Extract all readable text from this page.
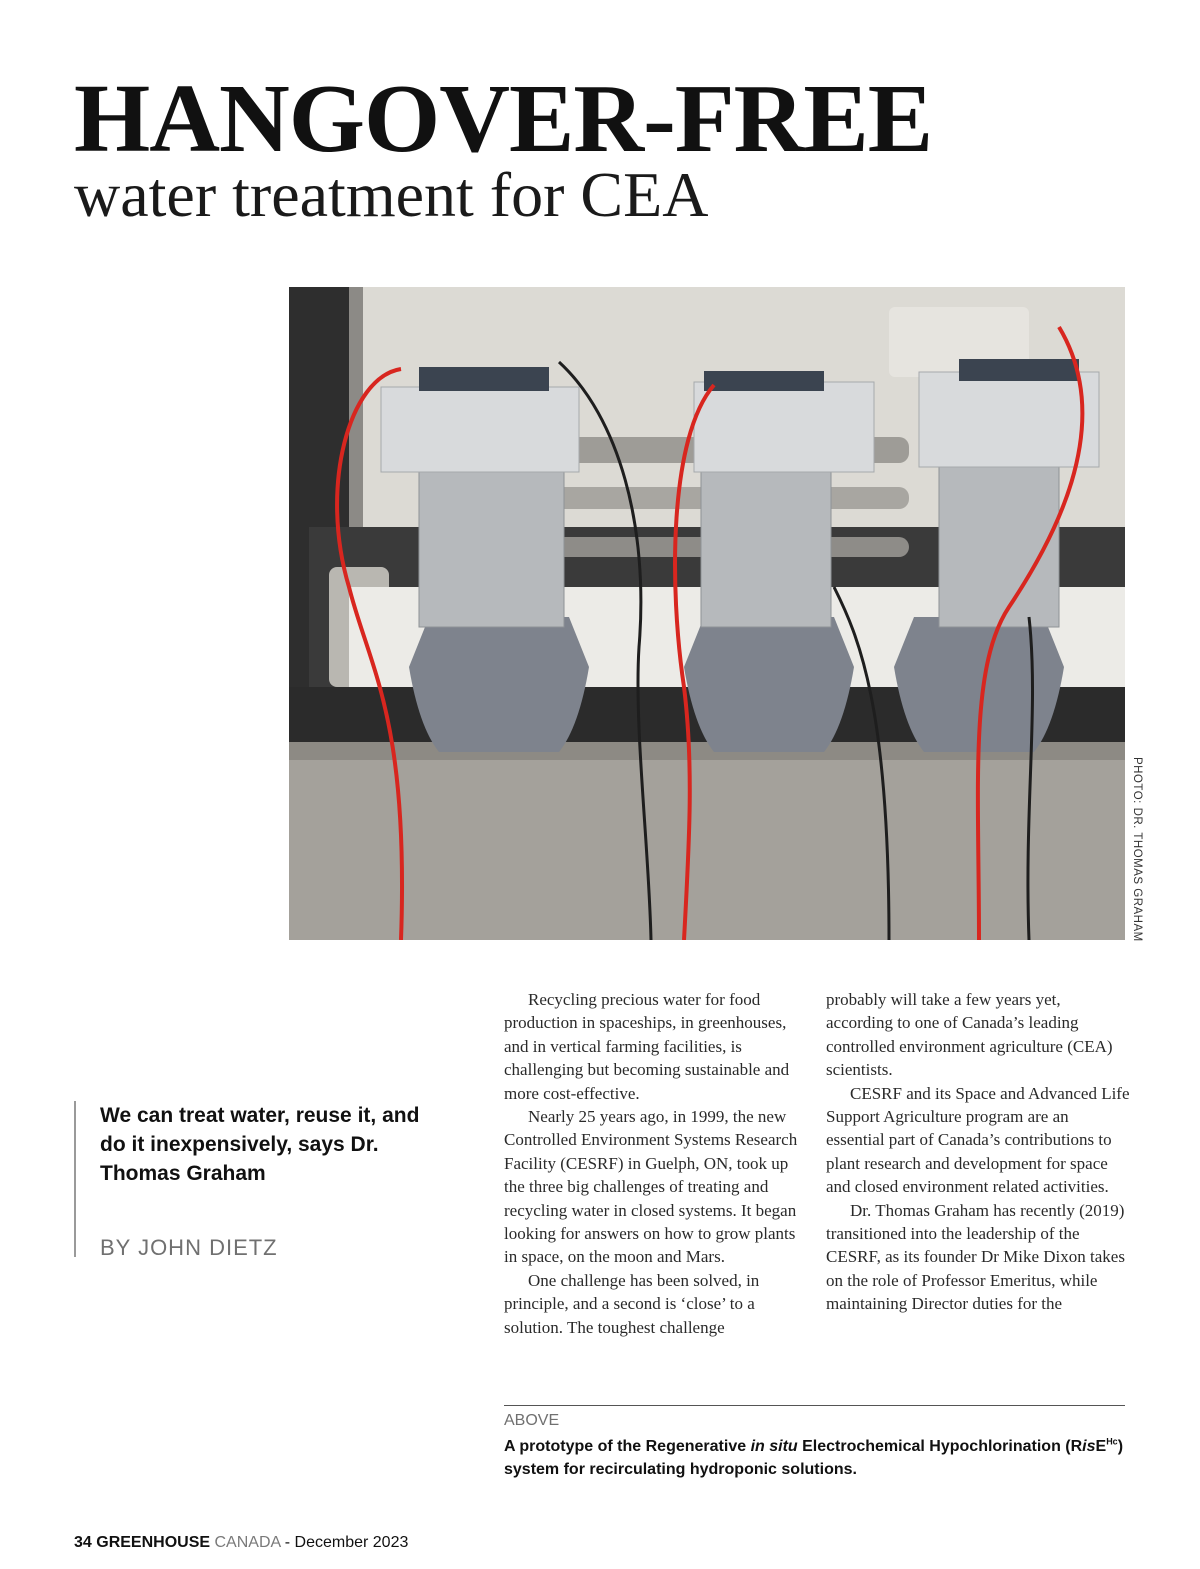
HANGOVER-FREE
water treatment for CEA
PHOTO: DR. THOMAS GRAHAM

We can treat water, reuse it, and do it inexpensively, says Dr. Thomas Graham

BY JOHN DIETZ

Recycling precious water for food production in spaceships, in greenhouses, and in vertical farming facilities, is challenging but becoming sustainable and more cost-effective.

Nearly 25 years ago, in 1999, the new Controlled Environment Systems Research Facility (CESRF) in Guelph, ON, took up the three big challenges of treating and recycling water in closed systems. It began looking for answers on how to grow plants in space, on the moon and Mars.

One challenge has been solved, in principle, and a second is ‘close’ to a solution. The toughest challenge

probably will take a few years yet, according to one of Canada’s leading controlled environment agriculture (CEA) scientists.

CESRF and its Space and Advanced Life Support Agriculture program are an essential part of Canada’s contributions to plant research and development for space and closed environment related activities.

Dr. Thomas Graham has recently (2019) transitioned into the leadership of the CESRF, as its founder Dr Mike Dixon takes on the role of Professor Emeritus, while maintaining Director duties for the

ABOVE

A prototype of the Regenerative in situ Electrochemical Hypochlorination (RisE$^{Hc}$) system for recirculating hydroponic solutions.

34 GREENHOUSE CANADA - December 2023
